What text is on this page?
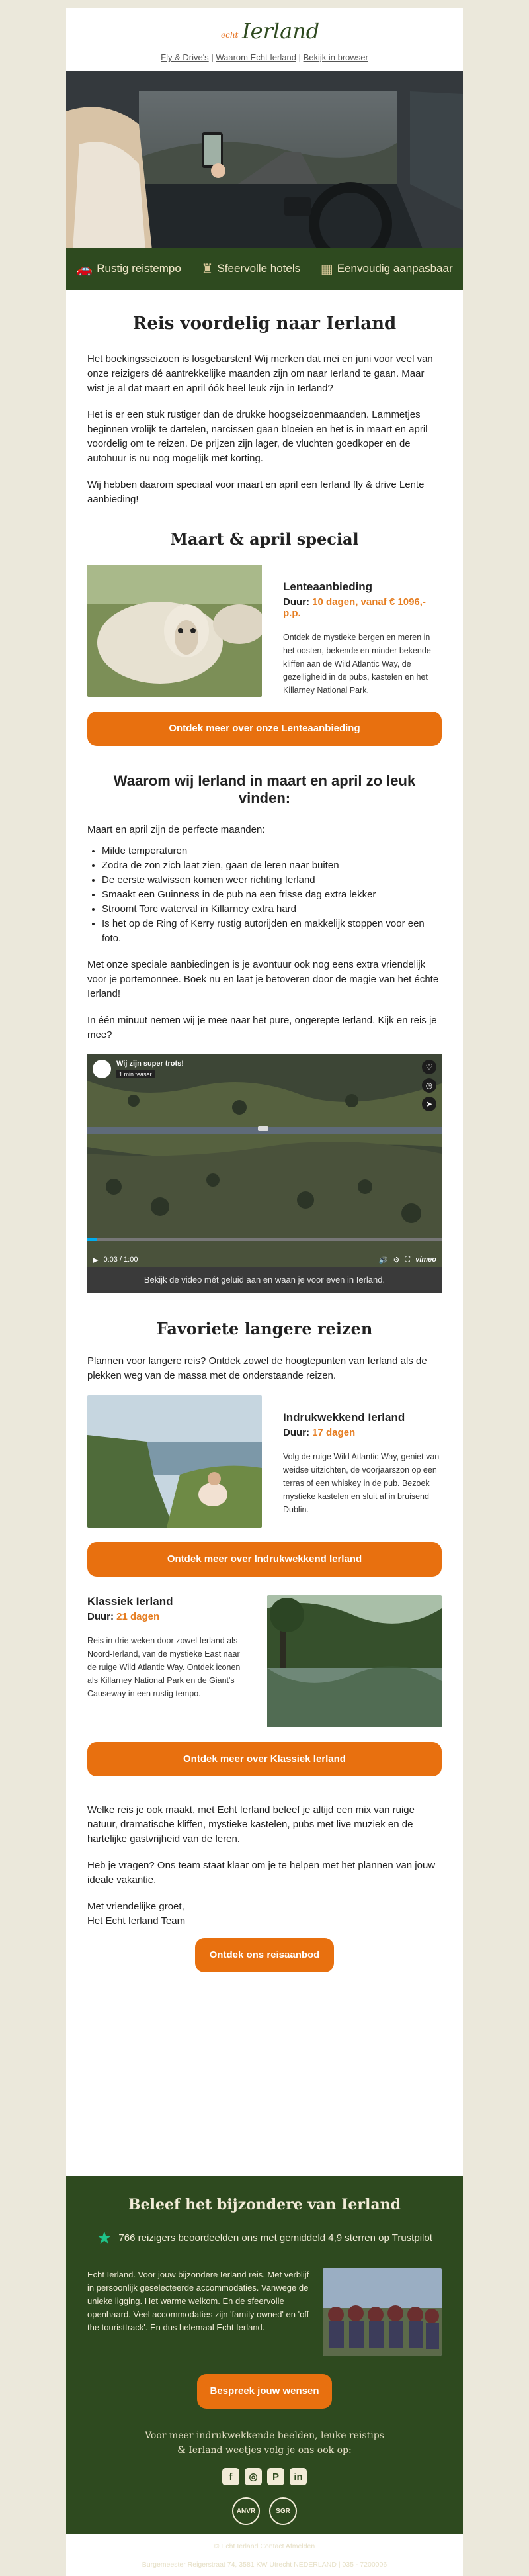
echt Ierland
Fly & Drive's | Waarom Echt Ierland | Bekijk in browser
🚗 Rustig reistempo ♜ Sfeervolle hotels ▦ Eenvoudig aanpasbaar
Reis voordelig naar Ierland

Het boekingsseizoen is losgebarsten! Wij merken dat mei en juni voor veel van onze reizigers dé aantrekkelijke maanden zijn om naar Ierland te gaan. Maar wist je al dat maart en april óók heel leuk zijn in Ierland?

Het is er een stuk rustiger dan de drukke hoogseizoenmaanden. Lammetjes beginnen vrolijk te dartelen, narcissen gaan bloeien en het is in maart en april voordelig om te reizen. De prijzen zijn lager, de vluchten goedkoper en de autohuur is nu nog mogelijk met korting.

Wij hebben daarom speciaal voor maart en april een Ierland fly & drive Lente aanbieding!

Maart & april special
Lenteaanbieding
Duur: 10 dagen, vanaf € 1096,- p.p.

Ontdek de mystieke bergen en meren in het oosten, bekende en minder bekende kliffen aan de Wild Atlantic Way, de gezelligheid in de pubs, kastelen en het Killarney National Park.

Ontdek meer over onze Lenteaanbieding
Waarom wij Ierland in maart en april zo leuk vinden:

Maart en april zijn de perfecte maanden:

• Milde temperaturen
• Zodra de zon zich laat zien, gaan de leren naar buiten
• De eerste walvissen komen weer richting Ierland
• Smaakt een Guinness in de pub na een frisse dag extra lekker
• Stroomt Torc waterval in Killarney extra hard
• Is het op de Ring of Kerry rustig autorijden en makkelijk stoppen voor een foto.

Met onze speciale aanbiedingen is je avontuur ook nog eens extra vriendelijk voor je portemonnee. Boek nu en laat je betoveren door de magie van het échte Ierland!

In één minuut nemen wij je mee naar het pure, ongerepte Ierland. Kijk en reis je mee?

Wij zijn super trots!
1 min teaser
♡
◷
➤
▶ 0:03 / 1:00	🔊 ⚙ ⛶ vimeo
Bekijk de video mét geluid aan en waan je voor even in Ierland.
Favoriete langere reizen

Plannen voor langere reis? Ontdek zowel de hoogtepunten van Ierland als de plekken weg van de massa met de onderstaande reizen.

Indrukwekkend Ierland
Duur: 17 dagen

Volg de ruige Wild Atlantic Way, geniet van weidse uitzichten, de voorjaarszon op een terras of een whiskey in de pub. Bezoek mystieke kastelen en sluit af in bruisend Dublin.

Ontdek meer over Indrukwekkend Ierland
Klassiek Ierland
Duur: 21 dagen

Reis in drie weken door zowel Ierland als Noord-Ierland, van de mystieke East naar de ruige Wild Atlantic Way. Ontdek iconen als Killarney National Park en de Giant's Causeway in een rustig tempo.

Ontdek meer over Klassiek Ierland

Welke reis je ook maakt, met Echt Ierland beleef je altijd een mix van ruige natuur, dramatische kliffen, mystieke kastelen, pubs met live muziek en de hartelijke gastvrijheid van de leren.

Heb je vragen? Ons team staat klaar om je te helpen met het plannen van jouw ideale vakantie.

Met vriendelijke groet,
Het Echt Ierland Team

Ontdek ons reisaanbod
Beleef het bijzondere van Ierland
★ 766 reizigers beoordeelden ons met gemiddeld 4,9 sterren op Trustpilot

Echt Ierland. Voor jouw bijzondere Ierland reis. Met verblijf in persoonlijk geselecteerde accommodaties. Vanwege de unieke ligging. Het warme welkom. En de sfeervolle openhaard. Veel accommodaties zijn 'family owned' en 'off the touristtrack'. En dus helemaal Echt Ierland.

Bespreek jouw wensen
Voor meer indrukwekkende beelden, leuke reistips
& Ierland weetjes volg je ons ook op:
f	◎	P	in
ANVR	SGR
© Echt Ierland Contact Afmelden
Burgemeester Reigerstraat 74, 3581 KW Utrecht NEDERLAND | 035 - 7200006
